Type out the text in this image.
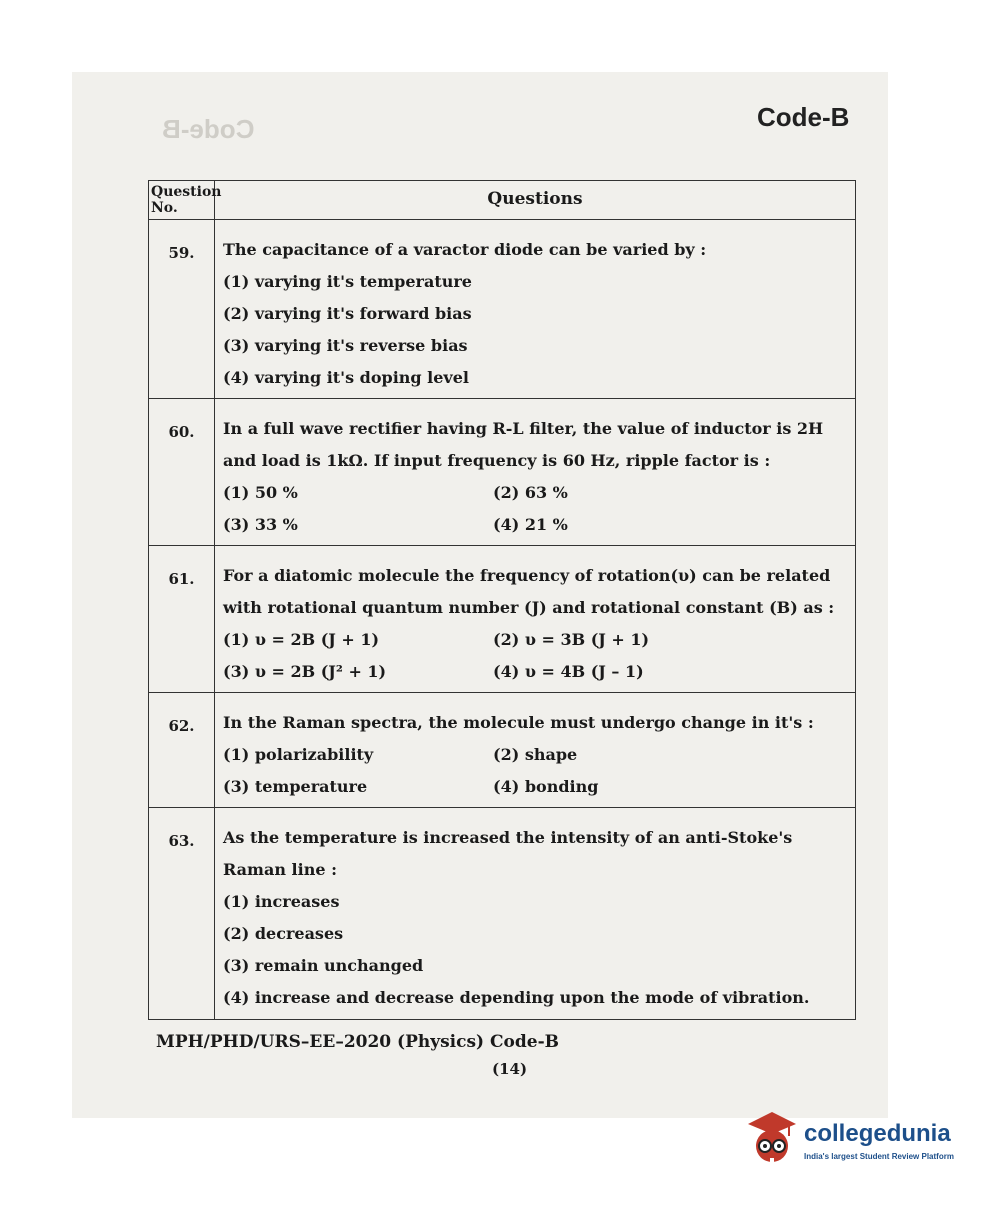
Code-B	Code-B
Question No.	Questions
59.	The capacitance of a varactor diode can be varied by :
(1) varying it's temperature
(2) varying it's forward bias
(3) varying it's reverse bias
(4) varying it's doping level

60.	In a full wave rectifier having R-L filter, the value of inductor is 2H and load is 1kΩ. If input frequency is 60 Hz, ripple factor is :
(1) 50 % (2) 63 %
(3) 33 % (4) 21 %

61.	For a diatomic molecule the frequency of rotation(υ) can be related with rotational quantum number (J) and rotational constant (B) as :
(1) υ = 2B (J + 1) (2) υ = 3B (J + 1)
(3) υ = 2B (J² + 1) (4) υ = 4B (J – 1)

62.	In the Raman spectra, the molecule must undergo change in it's :
(1) polarizability (2) shape
(3) temperature (4) bonding

63.	As the temperature is increased the intensity of an anti-Stoke's Raman line :
(1) increases
(2) decreases
(3) remain unchanged
(4) increase and decrease depending upon the mode of vibration.
MPH/PHD/URS–EE–2020 (Physics) Code-B
(14)
collegedunia
India's largest Student Review Platform
